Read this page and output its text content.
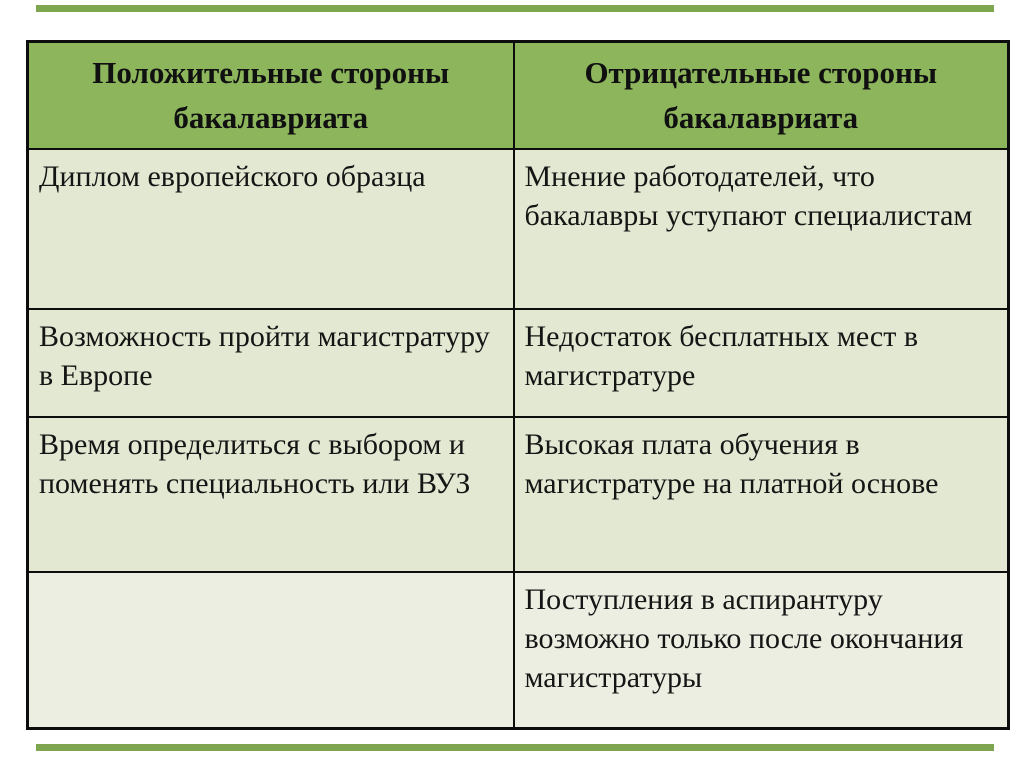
Положительные стороны бакалавриата	Отрицательные стороны бакалавриата
Диплом европейского образца	Мнение работодателей, что бакалавры уступают специалистам
Возможность пройти магистратуру в Европе	Недостаток бесплатных мест в магистратуре
Время определиться с выбором и поменять специальность или ВУЗ	Высокая плата обучения в магистратуре на платной основе
	Поступления в аспирантуру возможно только после окончания магистратуры
